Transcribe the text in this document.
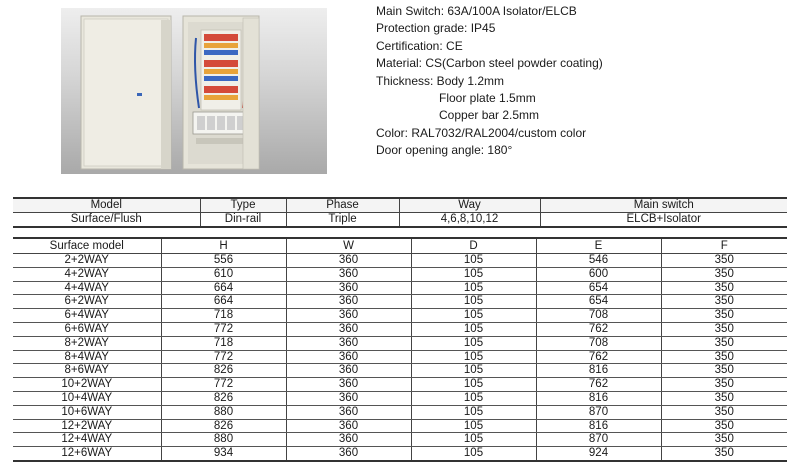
Main Switch: 63A/100A Isolator/ELCB
Protection grade: IP45
Certification: CE
Material: CS(Carbon steel powder coating)
Thickness: Body 1.2mm
Floor plate 1.5mm
Copper bar 2.5mm
Color: RAL7032/RAL2004/custom color
Door opening angle: 180°
Model	Type	Phase	Way	Main switch
Surface/Flush	Din-rail	Triple	4,6,8,10,12	ELCB+Isolator
Surface model	H	W	D	E	F
2+2WAY	556	360	105	546	350
4+2WAY	610	360	105	600	350
4+4WAY	664	360	105	654	350
6+2WAY	664	360	105	654	350
6+4WAY	718	360	105	708	350
6+6WAY	772	360	105	762	350
8+2WAY	718	360	105	708	350
8+4WAY	772	360	105	762	350
8+6WAY	826	360	105	816	350
10+2WAY	772	360	105	762	350
10+4WAY	826	360	105	816	350
10+6WAY	880	360	105	870	350
12+2WAY	826	360	105	816	350
12+4WAY	880	360	105	870	350
12+6WAY	934	360	105	924	350
